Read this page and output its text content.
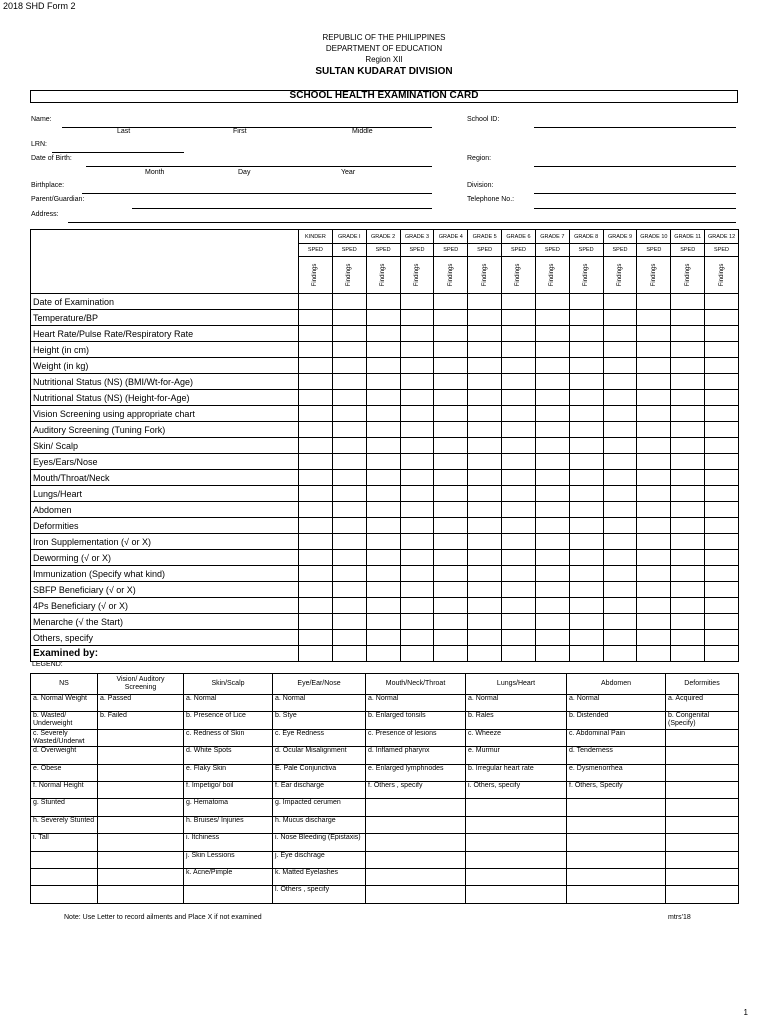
2018 SHD Form 2
REPUBLIC OF THE PHILIPPINES
DEPARTMENT OF EDUCATION
Region XII
SULTAN KUDARAT DIVISION
SCHOOL HEALTH EXAMINATION CARD
Name:
Last	First	Middle
School ID:
LRN:
Date of Birth:
Month	Day	Year
Region:
Birthplace:	Division:
Parent/Guardian:	Telephone No.:
Address:
	KINDER	GRADE I	GRADE 2	GRADE 3	GRADE 4	GRADE 5	GRADE 6	GRADE 7	GRADE 8	GRADE 9	GRADE 10	GRADE 11	GRADE 12
	SPED	SPED	SPED	SPED	SPED	SPED	SPED	SPED	SPED	SPED	SPED	SPED	SPED

	Findings	Findings	Findings	Findings	Findings	Findings	Findings	Findings	Findings	Findings	Findings	Findings	Findings

Date of Examination													
Temperature/BP													
Heart Rate/Pulse Rate/Respiratory Rate													
Height (in cm)													
Weight (in kg)													
Nutritional Status (NS) (BMI/Wt-for-Age)													
Nutritional Status (NS) (Height-for-Age)													
Vision Screening using appropriate chart													
Auditory Screening (Tuning Fork)													
Skin/ Scalp													
Eyes/Ears/Nose													
Mouth/Throat/Neck													
Lungs/Heart													
Abdomen													
Deformities													
Iron Supplementation (√ or X)													
Deworming (√ or X)													
Immunization (Specify what kind)													
SBFP Beneficiary (√ or X)													
4Ps Beneficiary (√ or X)													
Menarche (√ the Start)													
Others, specify													
Examined by:													
LEGEND:
NS	Vision/ Auditory Screening	Skin/Scalp	Eye/Ear/Nose	Mouth/Neck/Throat	Lungs/Heart	Abdomen	Deformities
a. Normal Weight	a. Passed	a. Normal	a. Normal	a. Normal	a. Normal	a. Normal	a. Acquired
b. Wasted/ Underweight	b. Failed	b. Presence of Lice	b. Stye	b. Enlarged tonsils	b. Rales	b. Distended	b. Congenital (Specify)
c. Severely Wasted/Underwt		c. Redness of Skin	c. Eye Redness	c. Presence of lesions	c. Wheeze	c. Abdominal Pain	
d. Overweight		d. White Spots	d. Ocular Misalignment	d. Inflamed pharynx	e. Murmur	d. Tenderness	
e. Obese		e. Flaky Skin	E. Pale Conjunctiva	e. Enlarged lymphnodes	b. Irregular heart rate	e. Dysmenorrhea	
f. Normal Height		f. Impetigo/ boil	f. Ear discharge	f. Others , specify	i. Others, specify	f. Others, Specify	
g. Stunted		g. Hematoma	g. Impacted cerumen				
h. Severely Stunted		h. Bruises/ Injuries	h. Mucus discharge				
i. Tall		i. Itchiness	i. Nose Bleeding (Epistaxis)				
		j. Skin Lessions	j. Eye dischrage				
		k. Acne/Pimple	k. Matted Eyelashes				
			l. Others , specify				
Note: Use Letter to record ailments and Place X if not examined	mtrs'18
1
